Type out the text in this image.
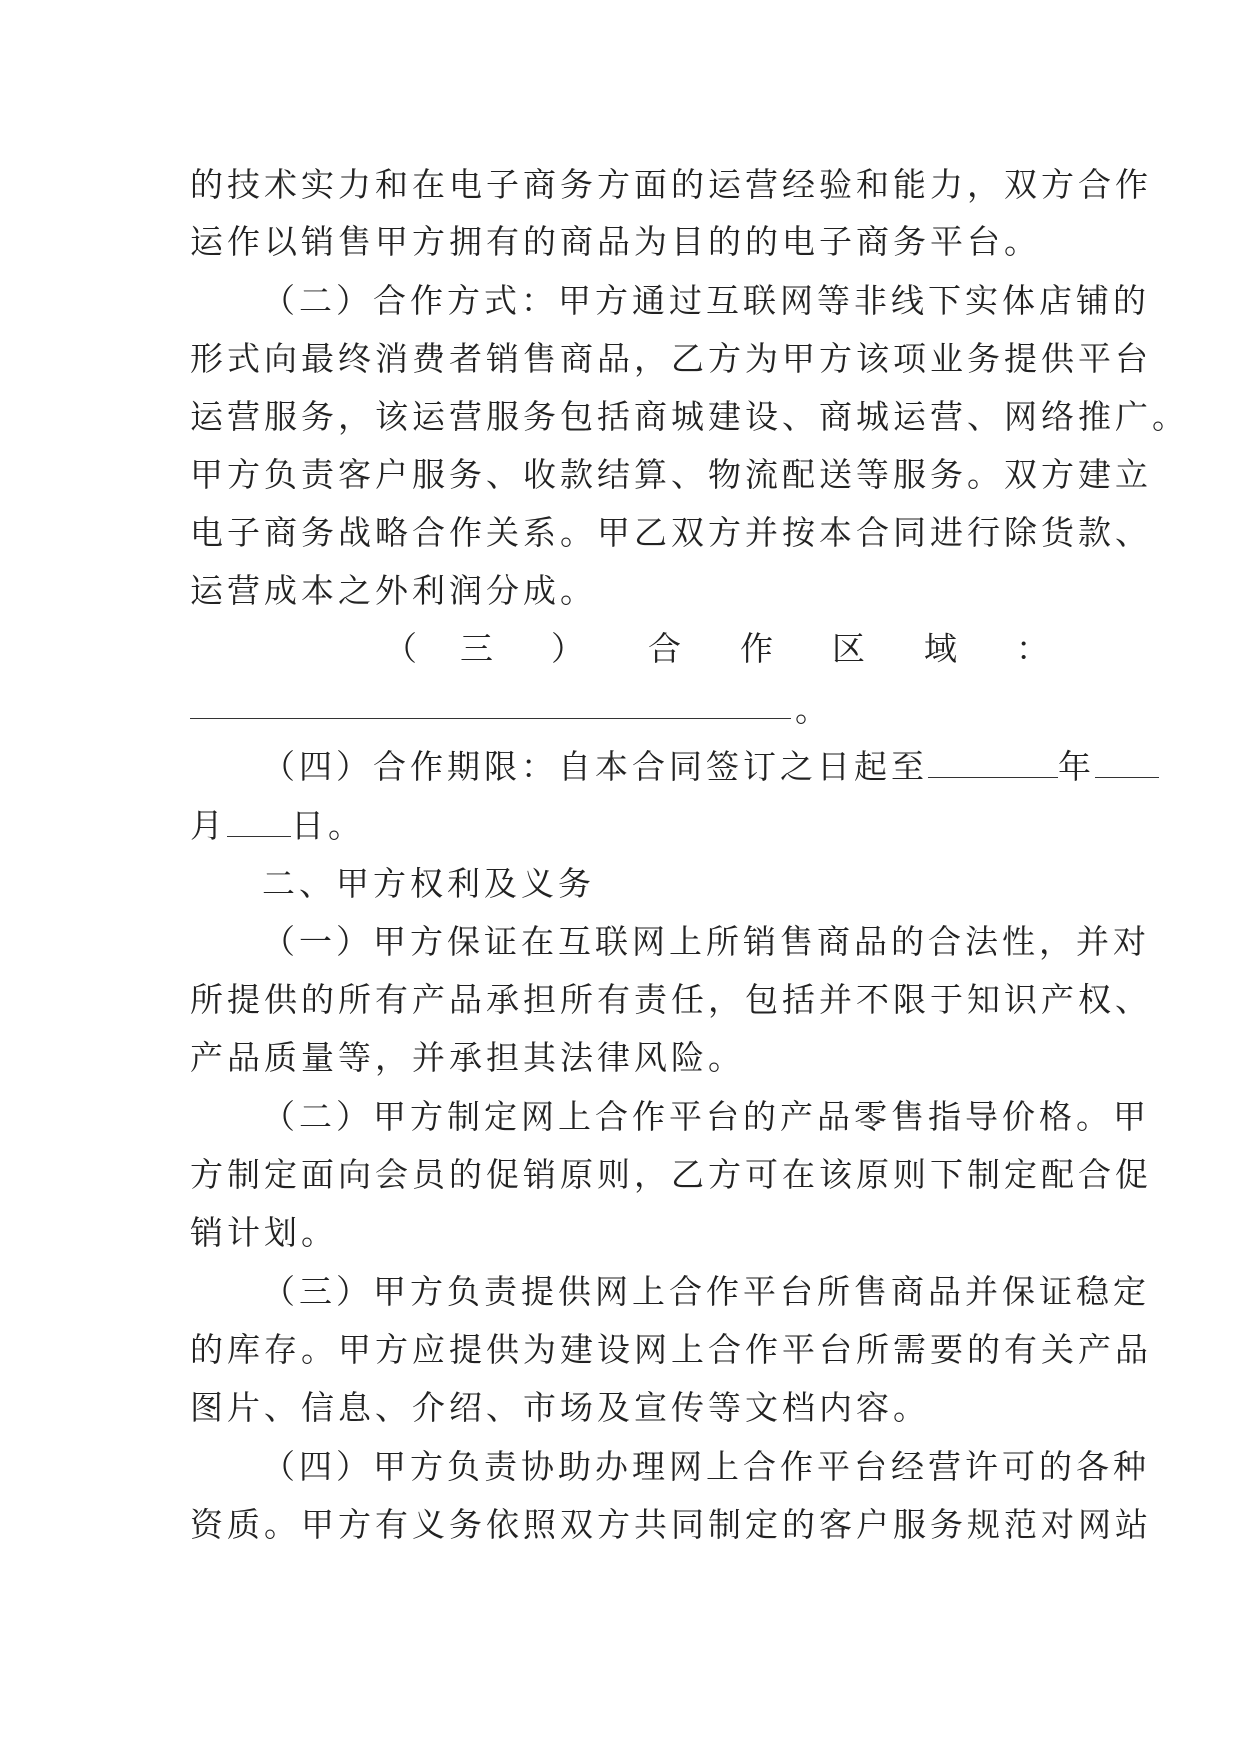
的技术实力和在电子商务方面的运营经验和能力，双方合作
运作以销售甲方拥有的商品为目的的电子商务平台。
（二）合作方式：甲方通过互联网等非线下实体店铺的
形式向最终消费者销售商品，乙方为甲方该项业务提供平台
运营服务，该运营服务包括商城建设、商城运营、网络推广。
甲方负责客户服务、收款结算、物流配送等服务。双方建立
电子商务战略合作关系。甲乙双方并按本合同进行除货款、
运营成本之外利润分成。
（ 三 ） 合 作 区 域 ：
。
（四）合作期限：自本合同签订之日起至	年
月 日。
二、甲方权利及义务
（一）甲方保证在互联网上所销售商品的合法性，并对
所提供的所有产品承担所有责任，包括并不限于知识产权、
产品质量等，并承担其法律风险。
（二）甲方制定网上合作平台的产品零售指导价格。甲
方制定面向会员的促销原则，乙方可在该原则下制定配合促
销计划。
（三）甲方负责提供网上合作平台所售商品并保证稳定
的库存。甲方应提供为建设网上合作平台所需要的有关产品
图片、信息、介绍、市场及宣传等文档内容。
（四）甲方负责协助办理网上合作平台经营许可的各种
资质。甲方有义务依照双方共同制定的客户服务规范对网站
